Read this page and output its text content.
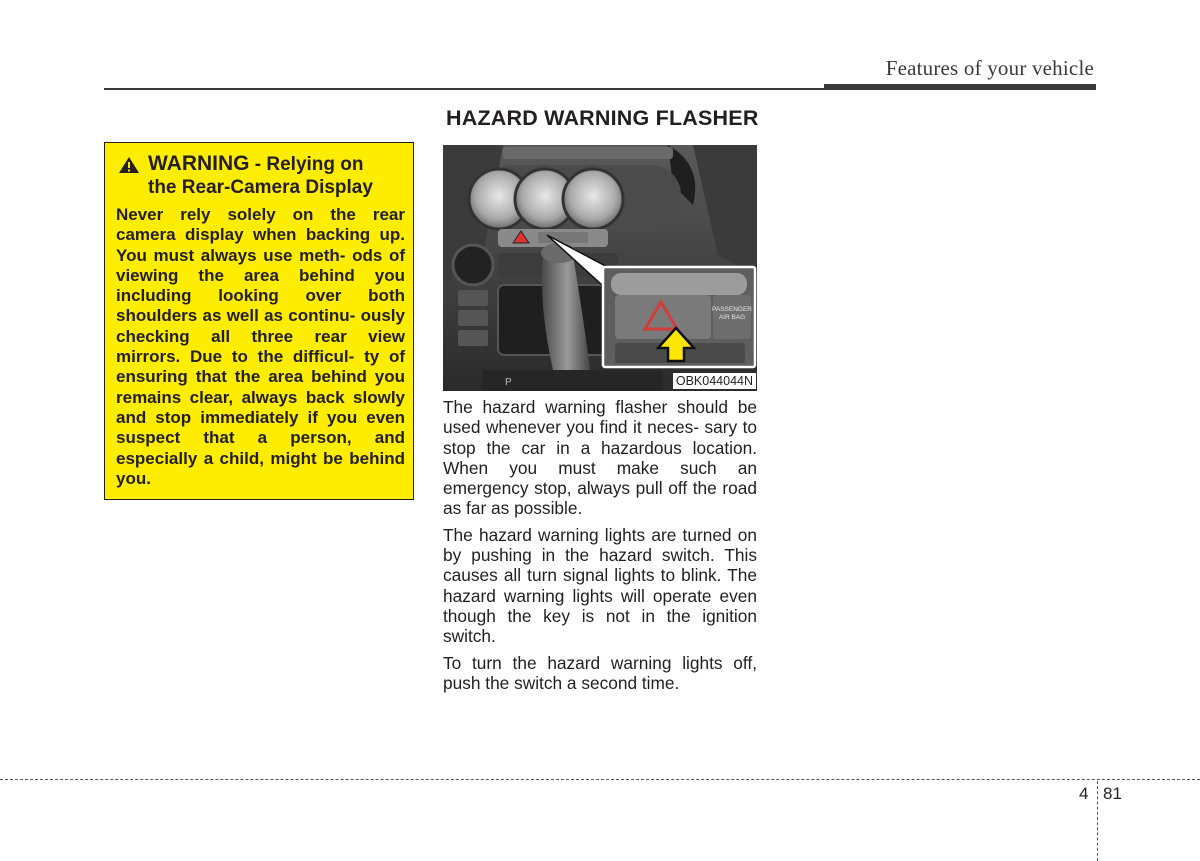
Features of your vehicle
WARNING - Relying on
the Rear-Camera Display
Never rely solely on the rear camera display when backing up. You must always use meth- ods of viewing the area behind you including looking over both shoulders as well as continu- ously checking all three rear view mirrors. Due to the difficul- ty of ensuring that the area behind you remains clear, always back slowly and stop immediately if you even suspect that a person, and especially a child, might be behind you.
HAZARD WARNING FLASHER
P
PASSENGER
AIR BAG
OBK044044N

The hazard warning flasher should be used whenever you find it neces- sary to stop the car in a hazardous location. When you must make such an emergency stop, always pull off the road as far as possible.

The hazard warning lights are turned on by pushing in the hazard switch. This causes all turn signal lights to blink. The hazard warning lights will operate even though the key is not in the ignition switch.

To turn the hazard warning lights off, push the switch a second time.

4 81
